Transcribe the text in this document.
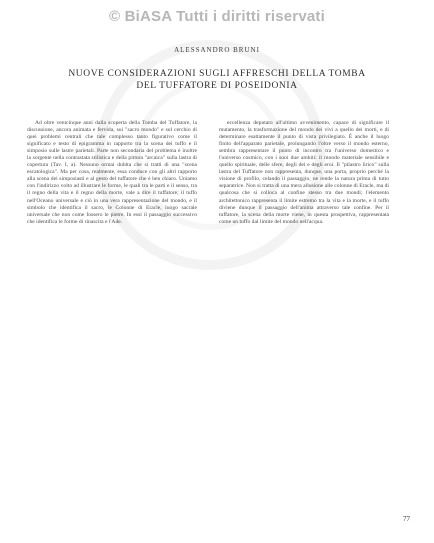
© BiASA Tutti i diritti riservati
ALESSANDRO BRUNI
NUOVE CONSIDERAZIONI SUGLI AFFRESCHI DELLA TOMBA
DEL TUFFATORE DI POSEIDONIA

Ad oltre ventcinque anni dalla scoperta della Tomba del Tuffatore, la discussione, ancora animata e fervida, sui "sacro mondo" e sul cerchio di quei problemi centrali che tale complesso tanto figurativo come il significato e testo di epigramma in rapporto tra la scena dei tuffo e il simposio sulle lastre parietali. Parte non secondaria del problema è inoltre la sorgente nella contrastata stilistica e della pittura "arcaica" sulla lastra di copertura (Tav. I, a). Nessuno ormai dubita che si tratti di una "scena escatologica". Ma per cosa, realmente, essa conduce con gli altri rapporto alla scena dei simposiasti e al gesto del tuffatore che è ben chiaro. Uniamo con l'indirizzo volto ad illustrare le forme, le quali tra le parti e il senso, tra il regno della vita e il regno della morte, vale a dire il tuffatore; il tuffo nell'Oceano universale e ciò in una vera rappresentazione del mondo, e il simbolo che identifica il sacro, le Colonne di Eracle, luogo sacrale universale che non come fossero le pietre. In essi il passaggio successivo che identifica le forme di rinascita e l'Ade.

eccellenza deputato all'ultimo avvenimento, capace di significare il mutamento, la trasformazione del mondo dei vivi a quello dei morti, e di determinare esattamente il punto di vista privilegiato. È anche il luogo finito dell'apparato parietale, prolungando l'oltre verso il mondo esterno, sembra rappresentare il punto di incontro tra l'universo domestico e l'universo cosmico, con i suoi due ambiti: il mondo materiale sensibile e quello spirituale, delle sfere, degli dei e degli eroi. Il "pilastro lirico" sulla lastra del Tuffatore non rappresenta, dunque, una porta, proprio perché la visione di profilo, celando il passaggio, ne rende la natura prima di tutto separatrice. Non si tratta di una mera allusione alle colonne di Eracle, ma di qualcosa che si colloca al confine stesso tra due mondi; l'elemento architettonico rappresenta il limite estremo tra la vita e la morte, e il tuffo diviene dunque il passaggio dell'anima attraverso tale confine. Per il tuffatore, la scena della morte viene, in questa prospettiva, rappresentata come un tuffo dal limite del mondo nell'acqua.

77
